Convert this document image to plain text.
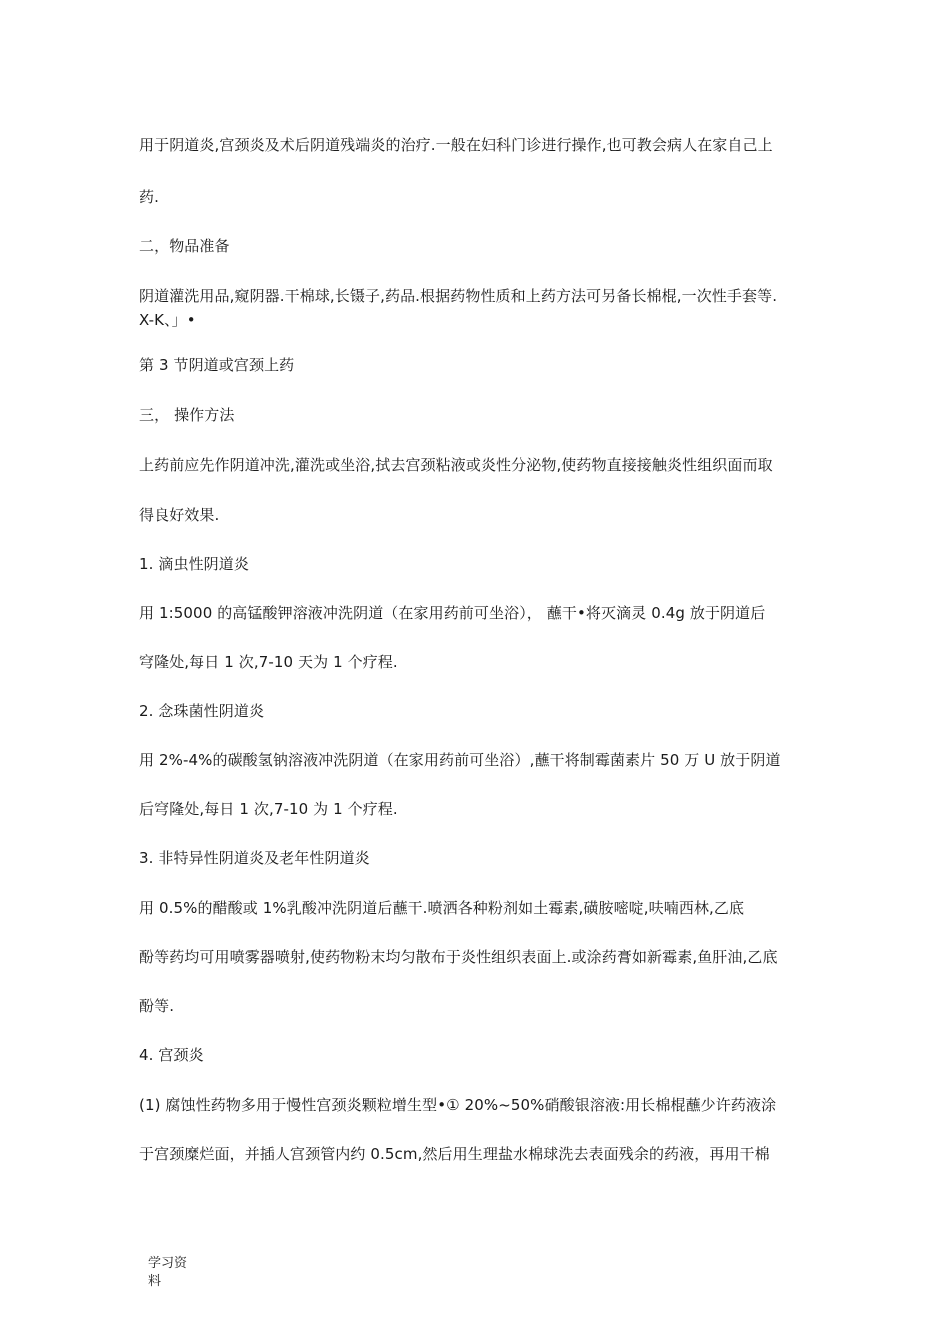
用于阴道炎,宫颈炎及术后阴道残端炎的治疗.一般在妇科门诊进行操作,也可教会病人在家自己上
药.
二，物品准备
阴道灌洗用品,窥阴器.干棉球,长镊子,药品.根据药物性质和上药方法可另备长棉棍,一次性手套等.
X-K、」•
第 3 节阴道或宫颈上药
三， 操作方法
上药前应先作阴道冲洗,灌洗或坐浴,拭去宫颈粘液或炎性分泌物,使药物直接接触炎性组织面而取
得良好效果.
1. 滴虫性阴道炎
用 1:5000 的高锰酸钾溶液冲洗阴道（在家用药前可坐浴）， 蘸干•将灭滴灵 0.4g 放于阴道后
穹隆处,每日 1 次,7-10 天为 1 个疗程.
2. 念珠菌性阴道炎
用 2%-4%的碳酸氢钠溶液冲洗阴道（在家用药前可坐浴）,蘸干将制霉菌素片 50 万 U 放于阴道
后穹隆处,每日 1 次,7-10 为 1 个疗程.
3. 非特异性阴道炎及老年性阴道炎
用 0.5%的醋酸或 1%乳酸冲洗阴道后蘸干.喷洒各种粉剂如土霉素,磺胺嘧啶,呋喃西林,乙底
酚等药均可用喷雾器喷射,使药物粉末均匀散布于炎性组织表面上.或涂药膏如新霉素,鱼肝油,乙底
酚等.
4. 宫颈炎
(1) 腐蚀性药物多用于慢性宫颈炎颗粒增生型•① 20%~50%硝酸银溶液:用长棉棍蘸少许药液涂
于宫颈糜烂面，并插人宫颈管内约 0.5cm,然后用生理盐水棉球洗去表面残余的药液，再用干棉
学习资
料
